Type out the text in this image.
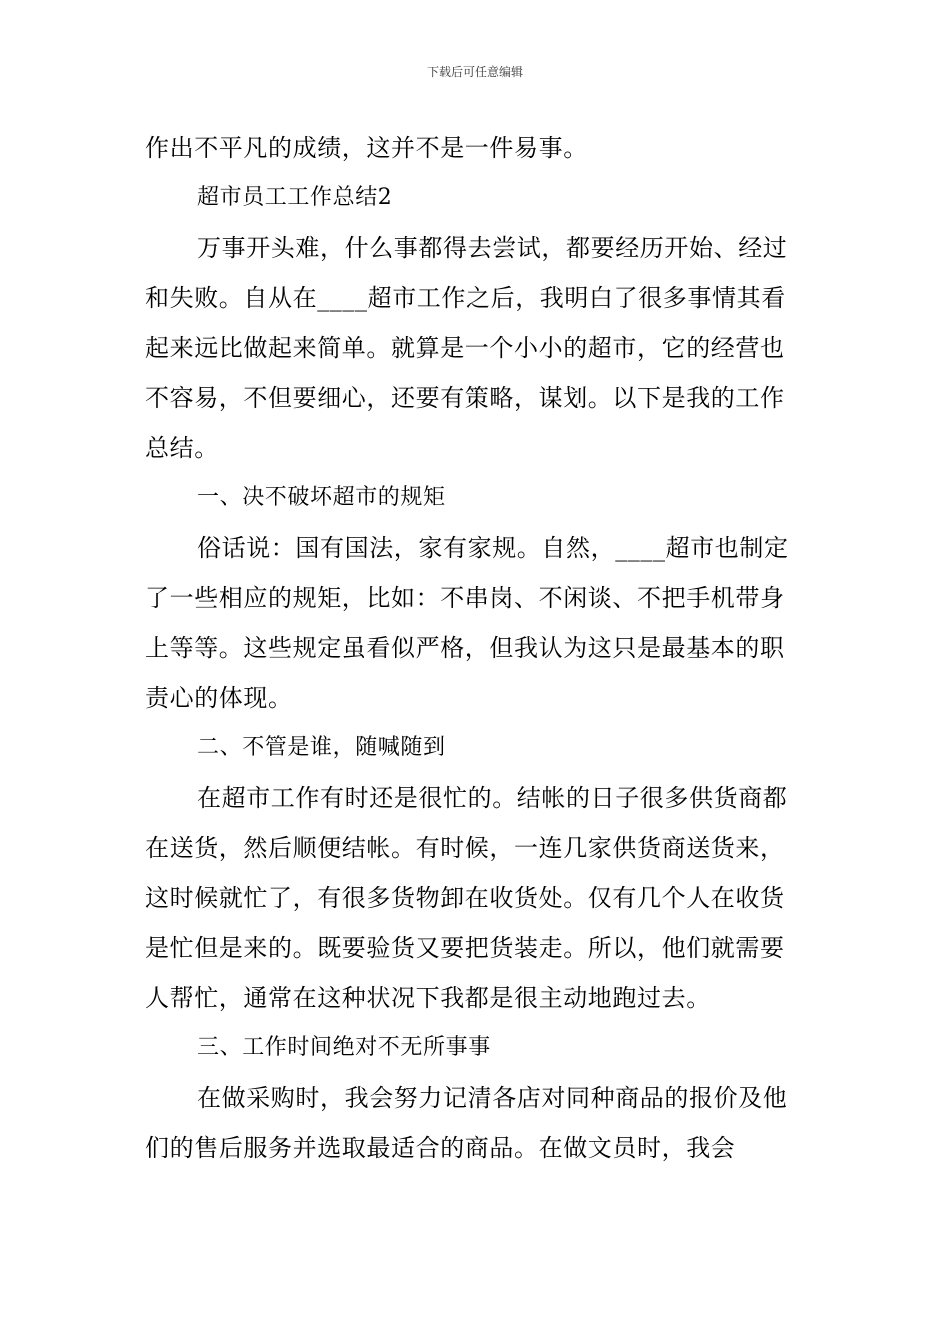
下载后可任意编辑

作出不平凡的成绩，这并不是一件易事。

超市员工工作总结2

万事开头难，什么事都得去尝试，都要经历开始、经过和失败。自从在____超市工作之后，我明白了很多事情其看起来远比做起来简单。就算是一个小小的超市，它的经营也不容易，不但要细心，还要有策略，谋划。以下是我的工作总结。

一、决不破坏超市的规矩

俗话说：国有国法，家有家规。自然，____超市也制定了一些相应的规矩，比如：不串岗、不闲谈、不把手机带身上等等。这些规定虽看似严格，但我认为这只是最基本的职责心的体现。

二、不管是谁，随喊随到

在超市工作有时还是很忙的。结帐的日子很多供货商都在送货，然后顺便结帐。有时候，一连几家供货商送货来，这时候就忙了，有很多货物卸在收货处。仅有几个人在收货是忙但是来的。既要验货又要把货装走。所以，他们就需要人帮忙，通常在这种状况下我都是很主动地跑过去。

三、工作时间绝对不无所事事

在做采购时，我会努力记清各店对同种商品的报价及他们的售后服务并选取最适合的商品。在做文员时，我会
